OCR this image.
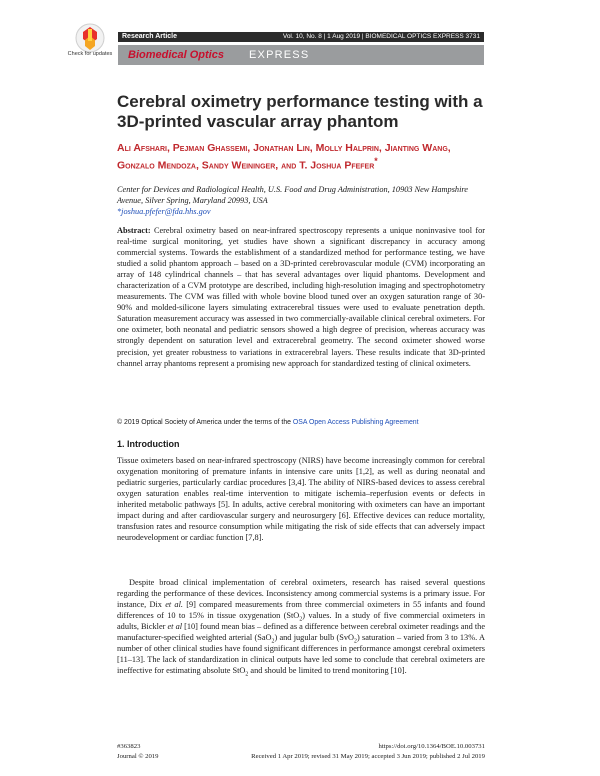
Check for updates
Research Article	Vol. 10, No. 8 | 1 Aug 2019 | BIOMEDICAL OPTICS EXPRESS 3731
Biomedical Optics EXPRESS
Cerebral oximetry performance testing with a 3D-printed vascular array phantom
Ali Afshari, Pejman Ghassemi, Jonathan Lin, Molly Halprin, Jianting Wang, Gonzalo Mendoza, Sandy Weininger, and T. Joshua Pfefer*
Center for Devices and Radiological Health, U.S. Food and Drug Administration, 10903 New Hampshire Avenue, Silver Spring, Maryland 20993, USA
*joshua.pfefer@fda.hhs.gov
Abstract: Cerebral oximetry based on near-infrared spectroscopy represents a unique noninvasive tool for real-time surgical monitoring, yet studies have shown a significant discrepancy in accuracy among commercial systems. Towards the establishment of a standardized method for performance testing, we have studied a solid phantom approach – based on a 3D-printed cerebrovascular module (CVM) incorporating an array of 148 cylindrical channels – that has several advantages over liquid phantoms. Development and characterization of a CVM prototype are described, including high-resolution imaging and spectrophotometry measurements. The CVM was filled with whole bovine blood tuned over an oxygen saturation range of 30-90% and molded-silicone layers simulating extracerebral tissues were used to evaluate penetration depth. Saturation measurement accuracy was assessed in two commercially-available clinical cerebral oximeters. For one oximeter, both neonatal and pediatric sensors showed a high degree of precision, whereas accuracy was strongly dependent on saturation level and extracerebral geometry. The second oximeter showed worse precision, yet greater robustness to variations in extracerebral layers. These results indicate that 3D-printed channel array phantoms represent a promising new approach for standardized testing of clinical oximeters.
© 2019 Optical Society of America under the terms of the OSA Open Access Publishing Agreement
1. Introduction
Tissue oximeters based on near-infrared spectroscopy (NIRS) have become increasingly common for cerebral oxygenation monitoring of premature infants in intensive care units [1,2], as well as during neonatal and pediatric surgeries, particularly cardiac procedures [3,4]. The ability of NIRS-based devices to assess cerebral oxygen saturation enables real-time intervention to mitigate ischemia–reperfusion events or defects in inherited metabolic pathways [5]. In adults, active cerebral monitoring with oximeters can have an important impact during and after cardiovascular surgery and neurosurgery [6]. Effective devices can reduce mortality, transfusion rates and resource consumption while mitigating the risk of side effects that can adversely impact neurodevelopment or cardiac function [7,8].
Despite broad clinical implementation of cerebral oximeters, research has raised several questions regarding the performance of these devices. Inconsistency among commercial systems is a primary issue. For instance, Dix et al. [9] compared measurements from three commercial oximeters in 55 infants and found differences of 10 to 15% in tissue oxygenation (StO$_2$) values. In a study of five commercial oximeters in adults, Bickler et al [10] found mean bias – defined as a difference between cerebral oximeter readings and the manufacturer-specified weighted arterial (SaO$_2$) and jugular bulb (SvO$_2$) saturation – varied from 3 to 13%. A number of other clinical studies have found significant differences in performance amongst cerebral oximeters [11–13]. The lack of standardization in clinical outputs have led some to conclude that cerebral oximeters are ineffective for estimating absolute StO$_2$ and should be limited to trend monitoring [10].
#363823
Journal © 2019
https://doi.org/10.1364/BOE.10.003731
Received 1 Apr 2019; revised 31 May 2019; accepted 3 Jun 2019; published 2 Jul 2019
